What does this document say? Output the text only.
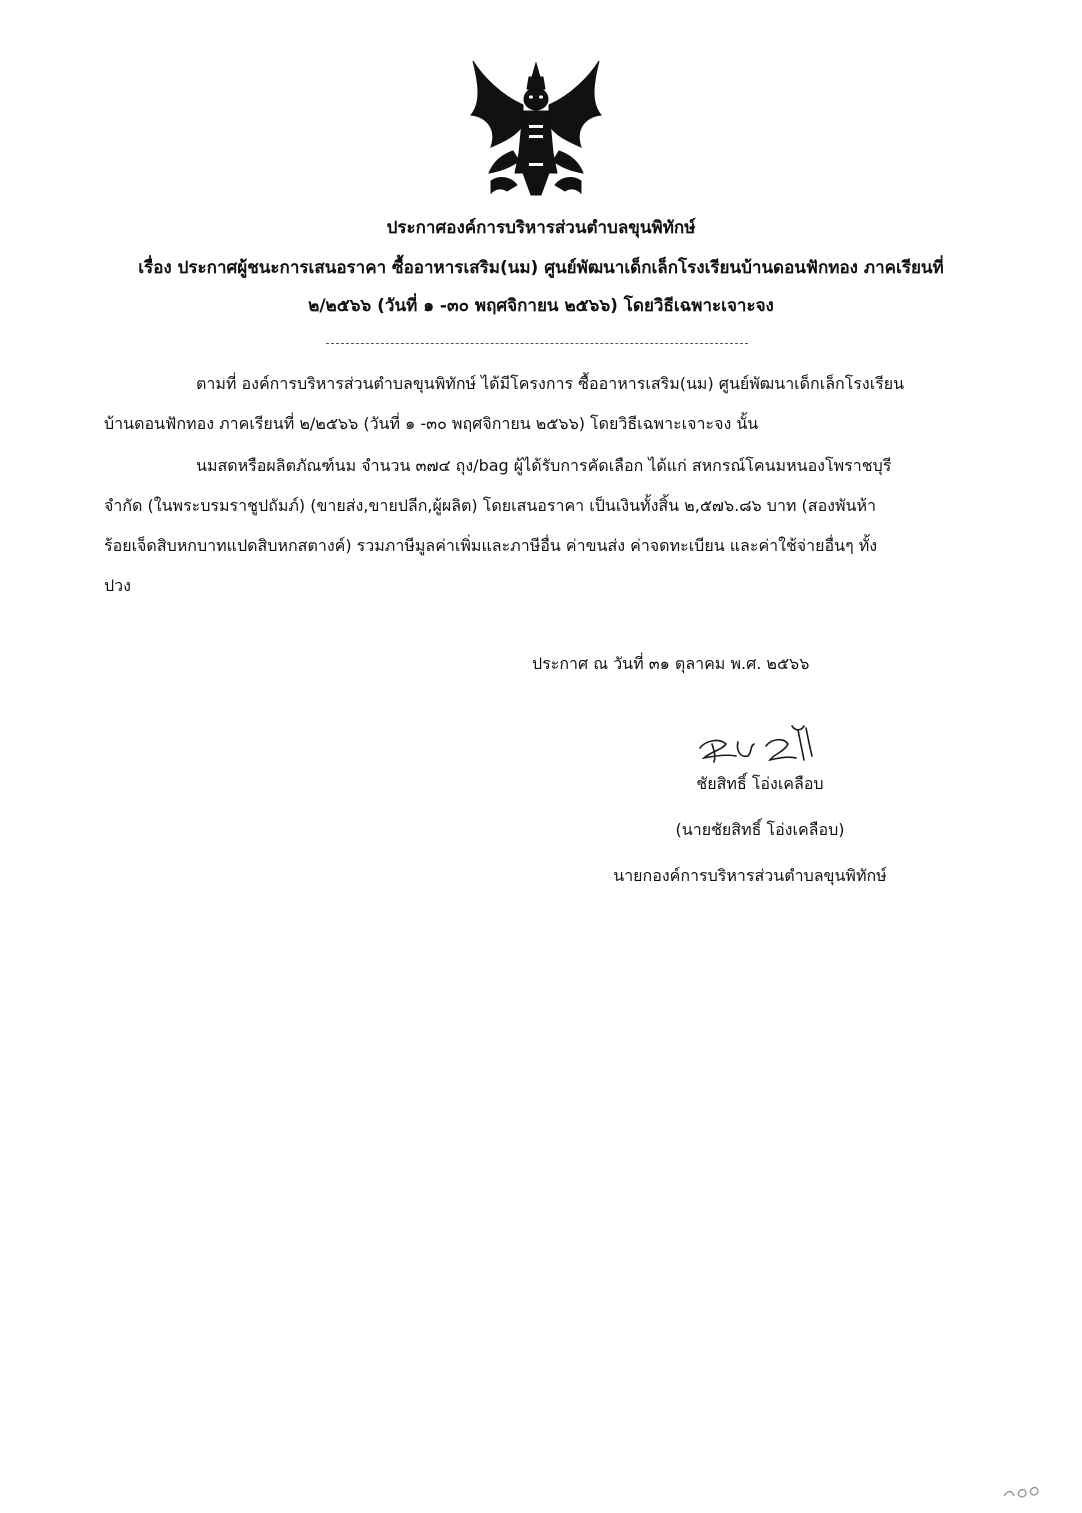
ประกาศองค์การบริหารส่วนตำบลขุนพิทักษ์
เรื่อง ประกาศผู้ชนะการเสนอราคา ซื้ออาหารเสริม(นม) ศูนย์พัฒนาเด็กเล็กโรงเรียนบ้านดอนฟักทอง ภาคเรียนที่
๒/๒๕๖๖ (วันที่ ๑ -๓๐ พฤศจิกายน ๒๕๖๖) โดยวิธีเฉพาะเจาะจง
ตามที่ องค์การบริหารส่วนตำบลขุนพิทักษ์ ได้มีโครงการ ซื้ออาหารเสริม(นม) ศูนย์พัฒนาเด็กเล็กโรงเรียน
บ้านดอนฟักทอง ภาคเรียนที่ ๒/๒๕๖๖ (วันที่ ๑ -๓๐ พฤศจิกายน ๒๕๖๖) โดยวิธีเฉพาะเจาะจง นั้น
นมสดหรือผลิตภัณฑ์นม จำนวน ๓๗๔ ถุง/bag ผู้ได้รับการคัดเลือก ได้แก่ สหกรณ์โคนมหนองโพราชบุรี
จำกัด (ในพระบรมราชูปถัมภ์) (ขายส่ง,ขายปลีก,ผู้ผลิต) โดยเสนอราคา เป็นเงินทั้งสิ้น ๒,๕๗๖.๘๖ บาท (สองพันห้า
ร้อยเจ็ดสิบหกบาทแปดสิบหกสตางค์) รวมภาษีมูลค่าเพิ่มและภาษีอื่น ค่าขนส่ง ค่าจดทะเบียน และค่าใช้จ่ายอื่นๆ ทั้ง
ปวง
ประกาศ ณ วันที่ ๓๑ ตุลาคม พ.ศ. ๒๕๖๖
ชัยสิทธิ์ โอ่งเคลือบ
(นายชัยสิทธิ์ โอ่งเคลือบ)
นายกองค์การบริหารส่วนตำบลขุนพิทักษ์
